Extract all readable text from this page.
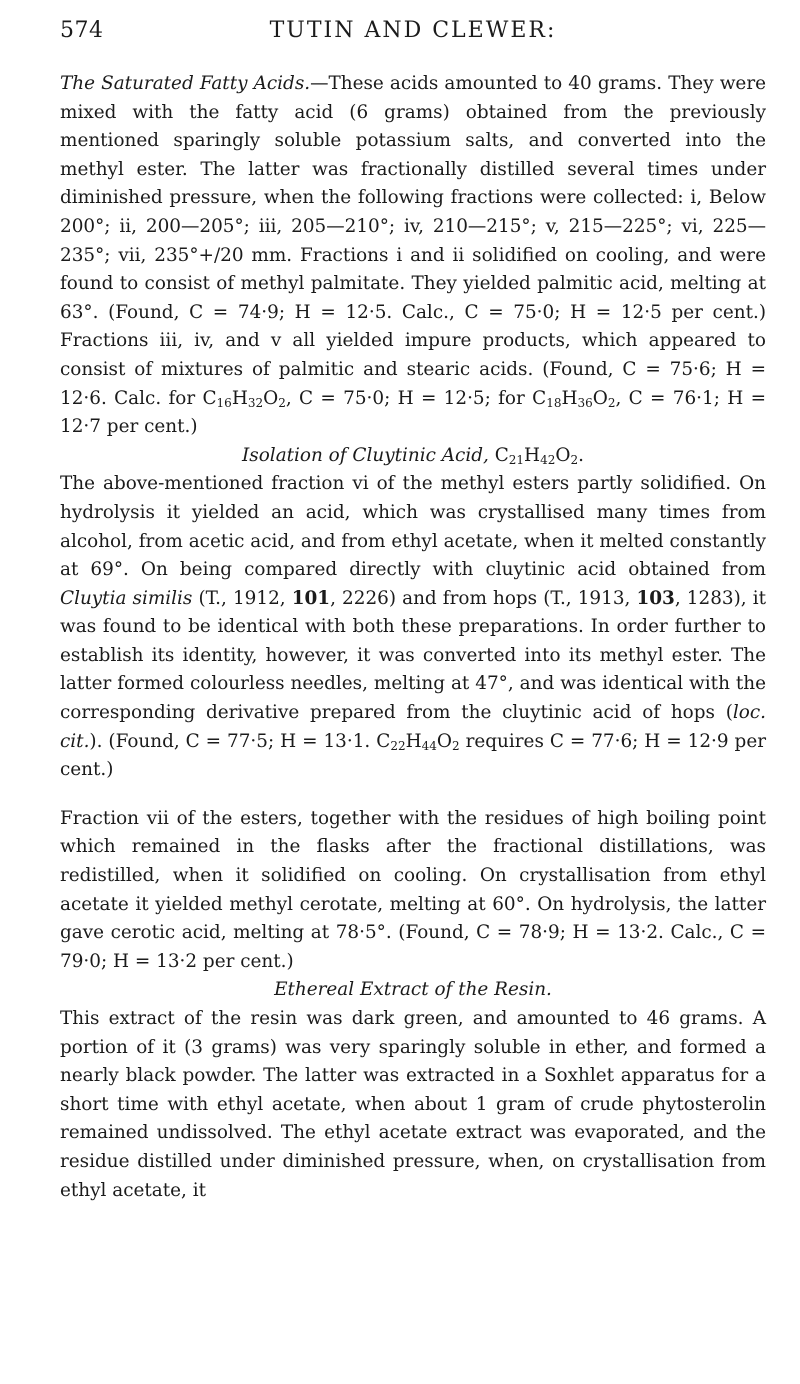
574	TUTIN AND CLEWER:

The Saturated Fatty Acids.—These acids amounted to 40 grams. They were mixed with the fatty acid (6 grams) obtained from the previously mentioned sparingly soluble potassium salts, and converted into the methyl ester. The latter was fractionally distilled several times under diminished pressure, when the following fractions were collected: i, Below 200°; ii, 200—205°; iii, 205—210°; iv, 210—215°; v, 215—225°; vi, 225—235°; vii, 235°+/20 mm. Fractions i and ii solidified on cooling, and were found to consist of methyl palmitate. They yielded palmitic acid, melting at 63°. (Found, C = 74·9; H = 12·5. Calc., C = 75·0; H = 12·5 per cent.) Fractions iii, iv, and v all yielded impure products, which appeared to consist of mixtures of palmitic and stearic acids. (Found, C = 75·6; H = 12·6. Calc. for $C_{16}H_{32}O_2$, C = 75·0; H = 12·5; for $C_{18}H_{36}O_2$, C = 76·1; H = 12·7 per cent.)

Isolation of Cluytinic Acid, $C_{21}H_{42}O_2$.

The above-mentioned fraction vi of the methyl esters partly solidified. On hydrolysis it yielded an acid, which was crystallised many times from alcohol, from acetic acid, and from ethyl acetate, when it melted constantly at 69°. On being compared directly with cluytinic acid obtained from Cluytia similis (T., 1912, 101, 2226) and from hops (T., 1913, 103, 1283), it was found to be identical with both these preparations. In order further to establish its identity, however, it was converted into its methyl ester. The latter formed colourless needles, melting at 47°, and was identical with the corresponding derivative prepared from the cluytinic acid of hops (loc. cit.). (Found, C = 77·5; H = 13·1. $C_{22}H_{44}O_2$ requires C = 77·6; H = 12·9 per cent.)

Fraction vii of the esters, together with the residues of high boiling point which remained in the flasks after the fractional distillations, was redistilled, when it solidified on cooling. On crystallisation from ethyl acetate it yielded methyl cerotate, melting at 60°. On hydrolysis, the latter gave cerotic acid, melting at 78·5°. (Found, C = 78·9; H = 13·2. Calc., C = 79·0; H = 13·2 per cent.)

Ethereal Extract of the Resin.

This extract of the resin was dark green, and amounted to 46 grams. A portion of it (3 grams) was very sparingly soluble in ether, and formed a nearly black powder. The latter was extracted in a Soxhlet apparatus for a short time with ethyl acetate, when about 1 gram of crude phytosterolin remained undissolved. The ethyl acetate extract was evaporated, and the residue distilled under diminished pressure, when, on crystallisation from ethyl acetate, it
